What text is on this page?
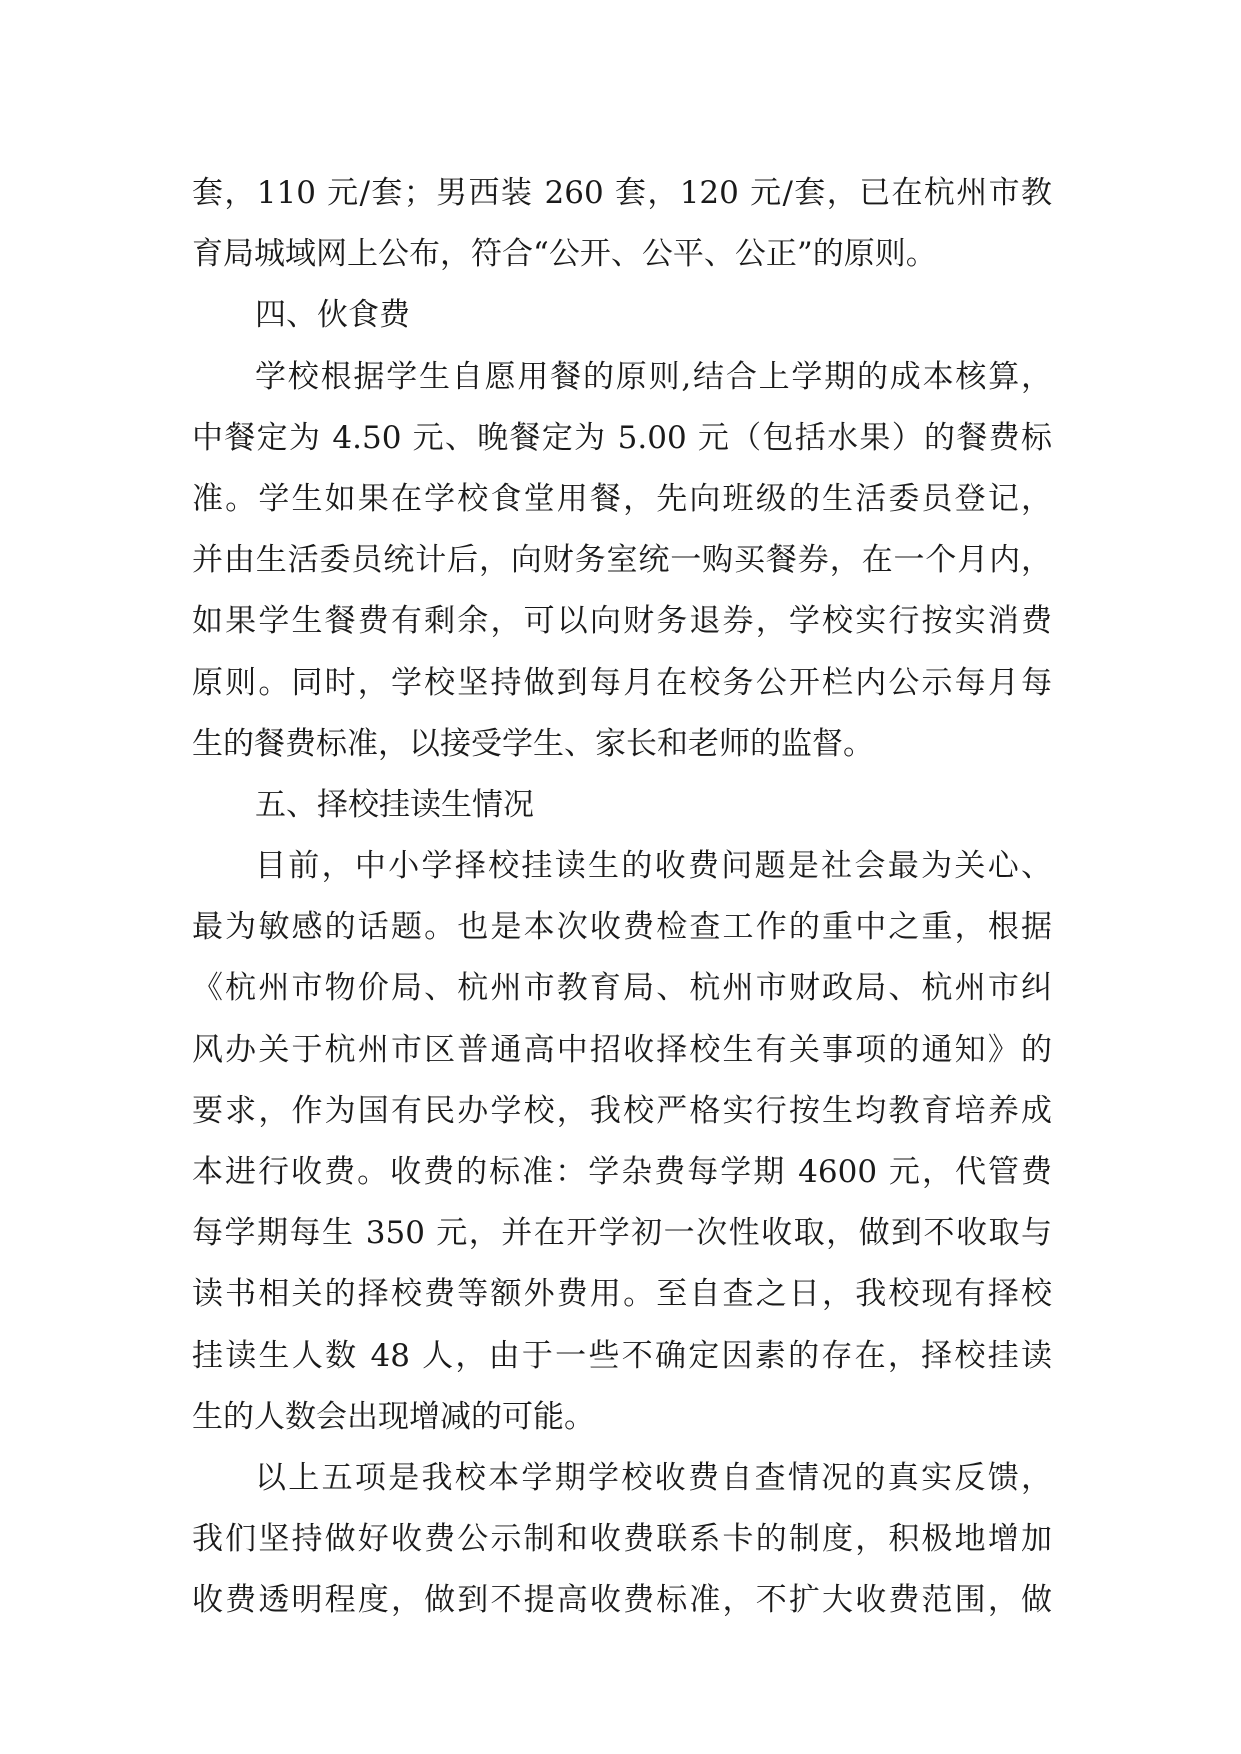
套，110 元/套；男西装 260 套，120 元/套，已在杭州市教
育局城域网上公布，符合“公开、公平、公正”的原则。
四、伙食费
学校根据学生自愿用餐的原则,结合上学期的成本核算，
中餐定为 4.50 元、晚餐定为 5.00 元（包括水果）的餐费标
准。学生如果在学校食堂用餐，先向班级的生活委员登记，
并由生活委员统计后，向财务室统一购买餐券，在一个月内，
如果学生餐费有剩余，可以向财务退券，学校实行按实消费
原则。同时，学校坚持做到每月在校务公开栏内公示每月每
生的餐费标准，以接受学生、家长和老师的监督。
五、择校挂读生情况
目前，中小学择校挂读生的收费问题是社会最为关心、
最为敏感的话题。也是本次收费检查工作的重中之重，根据
《杭州市物价局、杭州市教育局、杭州市财政局、杭州市纠
风办关于杭州市区普通高中招收择校生有关事项的通知》的
要求，作为国有民办学校，我校严格实行按生均教育培养成
本进行收费。收费的标准：学杂费每学期 4600 元，代管费
每学期每生 350 元，并在开学初一次性收取，做到不收取与
读书相关的择校费等额外费用。至自查之日，我校现有择校
挂读生人数 48 人，由于一些不确定因素的存在，择校挂读
生的人数会出现增减的可能。
以上五项是我校本学期学校收费自查情况的真实反馈，
我们坚持做好收费公示制和收费联系卡的制度，积极地增加
收费透明程度，做到不提高收费标准，不扩大收费范围，做
